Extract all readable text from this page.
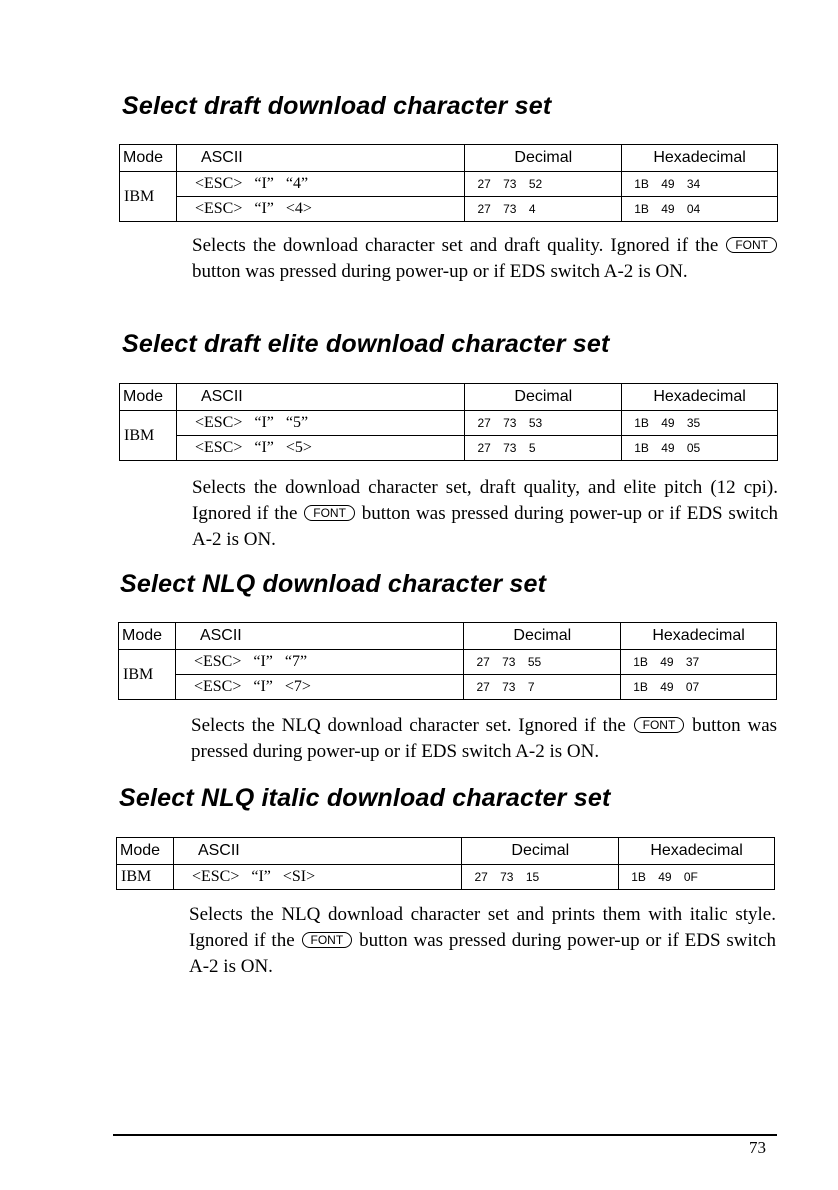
Select draft download character set
Mode	ASCII	Decimal	Hexadecimal
IBM	<ESC> “I” “4”	27 73 52	1B 49 34
	<ESC> “I” <4>	27 73 4	1B 49 04

Selects the download character set and draft quality. Ignored if the FONT button was pressed during power-up or if EDS switch A-2 is ON.

Select draft elite download character set
Mode	ASCII	Decimal	Hexadecimal
IBM	<ESC> “I” “5”	27 73 53	1B 49 35
	<ESC> “I” <5>	27 73 5	1B 49 05

Selects the download character set, draft quality, and elite pitch (12 cpi). Ignored if the FONT button was pressed during power-up or if EDS switch A-2 is ON.

Select NLQ download character set
Mode	ASCII	Decimal	Hexadecimal
IBM	<ESC> “I” “7”	27 73 55	1B 49 37
	<ESC> “I” <7>	27 73 7	1B 49 07

Selects the NLQ download character set. Ignored if the FONT button was pressed during power-up or if EDS switch A-2 is ON.

Select NLQ italic download character set
Mode	ASCII	Decimal	Hexadecimal
IBM	<ESC> “I” <SI>	27 73 15	1B 49 0F

Selects the NLQ download character set and prints them with italic style. Ignored if the FONT button was pressed during power-up or if EDS switch A-2 is ON.

73
